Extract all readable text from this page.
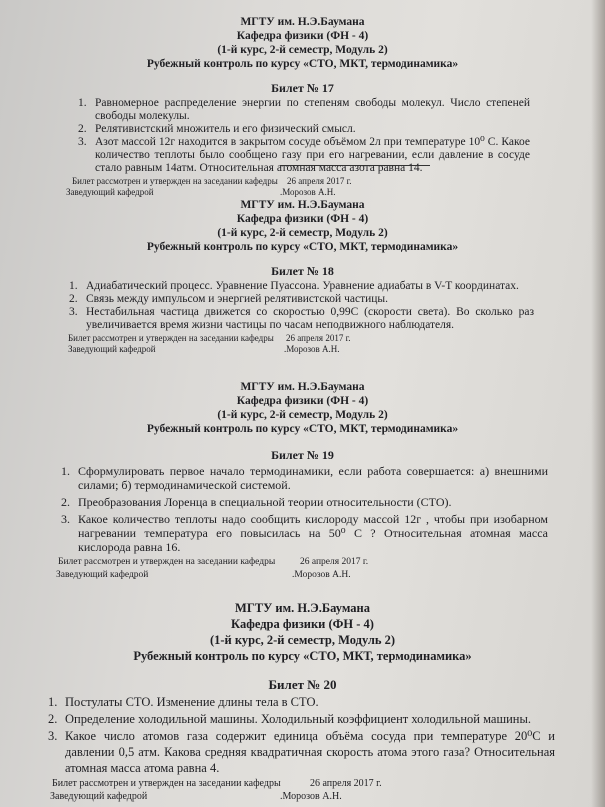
МГТУ им. Н.Э.Баумана
Кафедра физики (ФН - 4)
(1-й курс, 2-й семестр, Модуль 2)
Рубежный контроль по курсу «СТО, МКТ, термодинамика»
Билет № 17
1. Равномерное распределение энергии по степеням свободы молекул. Число степеней свободы молекулы.
2. Релятивистский множитель и его физический смысл.
3. Азот массой 12г находится в закрытом сосуде объёмом 2л при температуре 10⁰ С. Какое количество теплоты было сообщено газу при его нагревании, если давление в сосуде стало равным 14атм. Относительная атомная масса азота равна 14.
Билет рассмотрен и утвержден на заседании кафедры 26 апреля 2017 г.
Заведующий кафедрой	.Морозов А.Н.
МГТУ им. Н.Э.Баумана
Кафедра физики (ФН - 4)
(1-й курс, 2-й семестр, Модуль 2)
Рубежный контроль по курсу «СТО, МКТ, термодинамика»
Билет № 18
1. Адиабатический процесс. Уравнение Пуассона. Уравнение адиабаты в V-T координатах.
2. Связь между импульсом и энергией релятивистской частицы.
3. Нестабильная частица движется со скоростью 0,99С (скорости света). Во сколько раз увеличивается время жизни частицы по часам неподвижного наблюдателя.
Билет рассмотрен и утвержден на заседании кафедры 26 апреля 2017 г.
Заведующий кафедрой	.Морозов А.Н.
МГТУ им. Н.Э.Баумана
Кафедра физики (ФН - 4)
(1-й курс, 2-й семестр, Модуль 2)
Рубежный контроль по курсу «СТО, МКТ, термодинамика»
Билет № 19
1. Сформулировать первое начало термодинамики, если работа совершается: а) внешними силами; б) термодинамической системой.
2. Преобразования Лоренца в специальной теории относительности (СТО).
3. Какое количество теплоты надо сообщить кислороду массой 12г , чтобы при изобарном нагревании температура его повысилась на 50⁰ С ? Относительная атомная масса кислорода равна 16.
Билет рассмотрен и утвержден на заседании кафедры	26 апреля 2017 г.
Заведующий кафедрой	.Морозов А.Н.
МГТУ им. Н.Э.Баумана
Кафедра физики (ФН - 4)
(1-й курс, 2-й семестр, Модуль 2)
Рубежный контроль по курсу «СТО, МКТ, термодинамика»
Билет № 20
1. Постулаты СТО. Изменение длины тела в СТО.
2. Определение холодильной машины. Холодильный коэффициент холодильной машины.
3. Какое число атомов газа содержит единица объёма сосуда при температуре 20⁰С и давлении 0,5 атм. Какова средняя квадратичная скорость атома этого газа? Относительная атомная масса атома равна 4.
Билет рассмотрен и утвержден на заседании кафедры	26 апреля 2017 г.
Заведующий кафедрой	.Морозов А.Н.
